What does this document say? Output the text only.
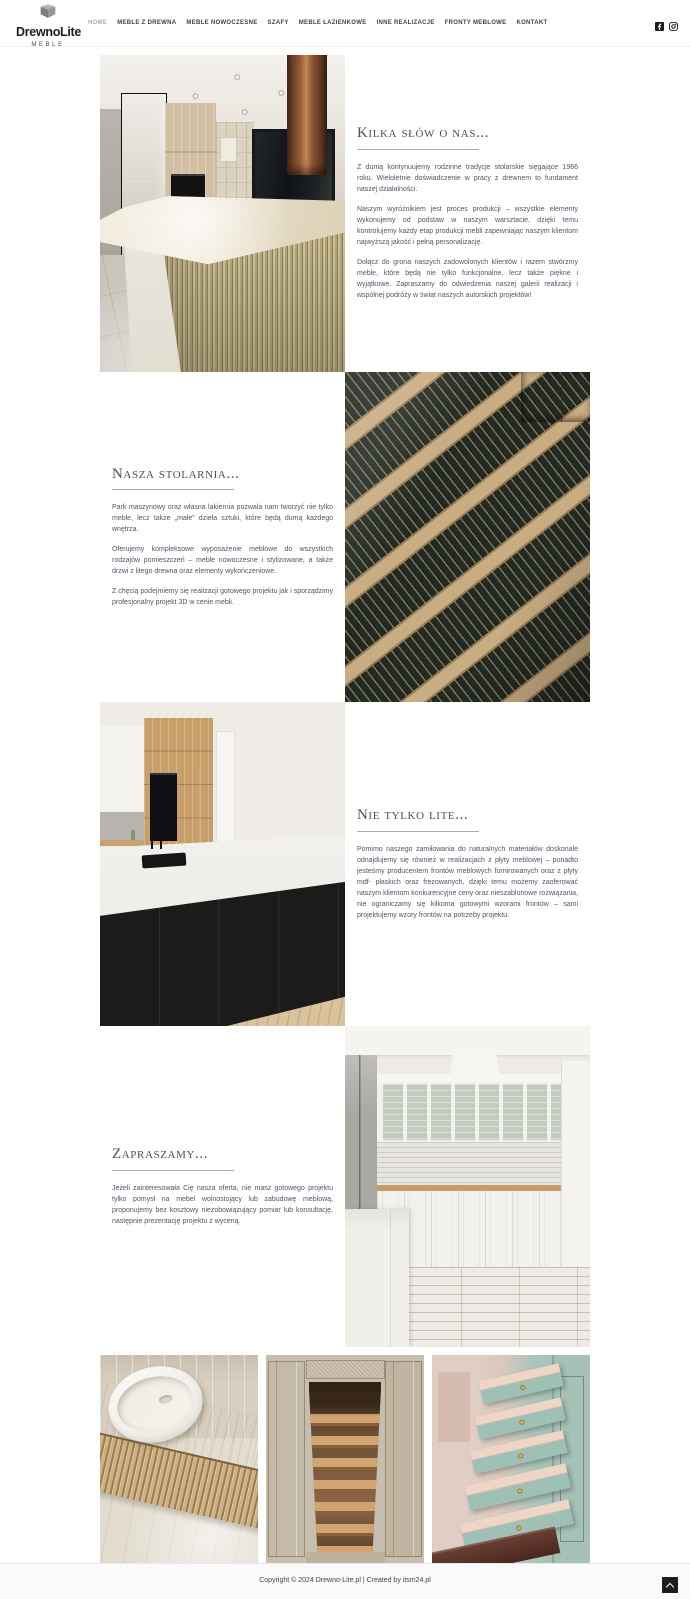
DrewnoLite
MEBLE
HOME MEBLE Z DREWNA MEBLE NOWOCZESNE SZAFY MEBLE ŁAZIENKOWE INNE REALIZACJE FRONTY MEBLOWE KONTAKT
Kilka słów o nas...

Z dumą kontynuujemy rodzinne tradycje stolarskie sięgające 1966 roku. Wieloletnie doświadczenie w pracy z drewnem to fundament naszej działalności.

Naszym wyróżnikiem jest proces produkcji – wszystkie elementy wykonujemy od podstaw w naszym warsztacie, dzięki temu kontrolujemy każdy etap produkcji mebli zapewniając naszym klientom najwyższą jakość i pełną personalizację.

Dołącz do grona naszych zadowolonych klientów i razem stwórzmy meble, które będą nie tylko funkcjonalne, lecz także piękne i wyjątkowe. Zapraszamy do odwiedzenia naszej galerii realizacji i wspólnej podróży w świat naszych autorskich projektów!

Nasza stolarnia...

Park maszynowy oraz własna lakiernia pozwala nam tworzyć nie tylko meble, lecz także „małe” dzieła sztuki, które będą dumą każdego wnętrza.

Oferujemy kompleksowe wyposażenie meblowe do wszystkich rodzajów pomieszczeń – meble nowoczesne i stylizowane, a także drzwi z litego drewna oraz elementy wykończeniowe.

Z chęcią podejmiemy się realizacji gotowego projektu jak i sporządzimy profesjonalny projekt 3D w cenie mebli.

Nie tylko lite...

Pomimo naszego zamiłowania do naturalnych materiałów doskonale odnajdujemy się również w realizacjach z płyty meblowej – ponadto jesteśmy producentem frontów meblowych fornirowanych oraz z płyty mdf- płaskich oraz frezowanych, dzięki temu możemy zaoferować naszym klientom konkurencyjne ceny oraz nieszablonowe rozwiązania, nie ograniczamy się kilkoma gotowymi wzorami frontów – sami projektujemy wzory frontów na potrzeby projektu.

Zapraszamy...

Jeżeli zainteresowała Cię nasza oferta, nie masz gotowego projektu tylko pomysł na mebel wolnostojący lub zabudowę meblową, proponujemy bez kosztowy niezobowiązujący pomiar lub konsultację, następnie prezentację projektu z wyceną.

Copyright © 2024 Drewno-Lite.pl | Created by itsm24.pl
